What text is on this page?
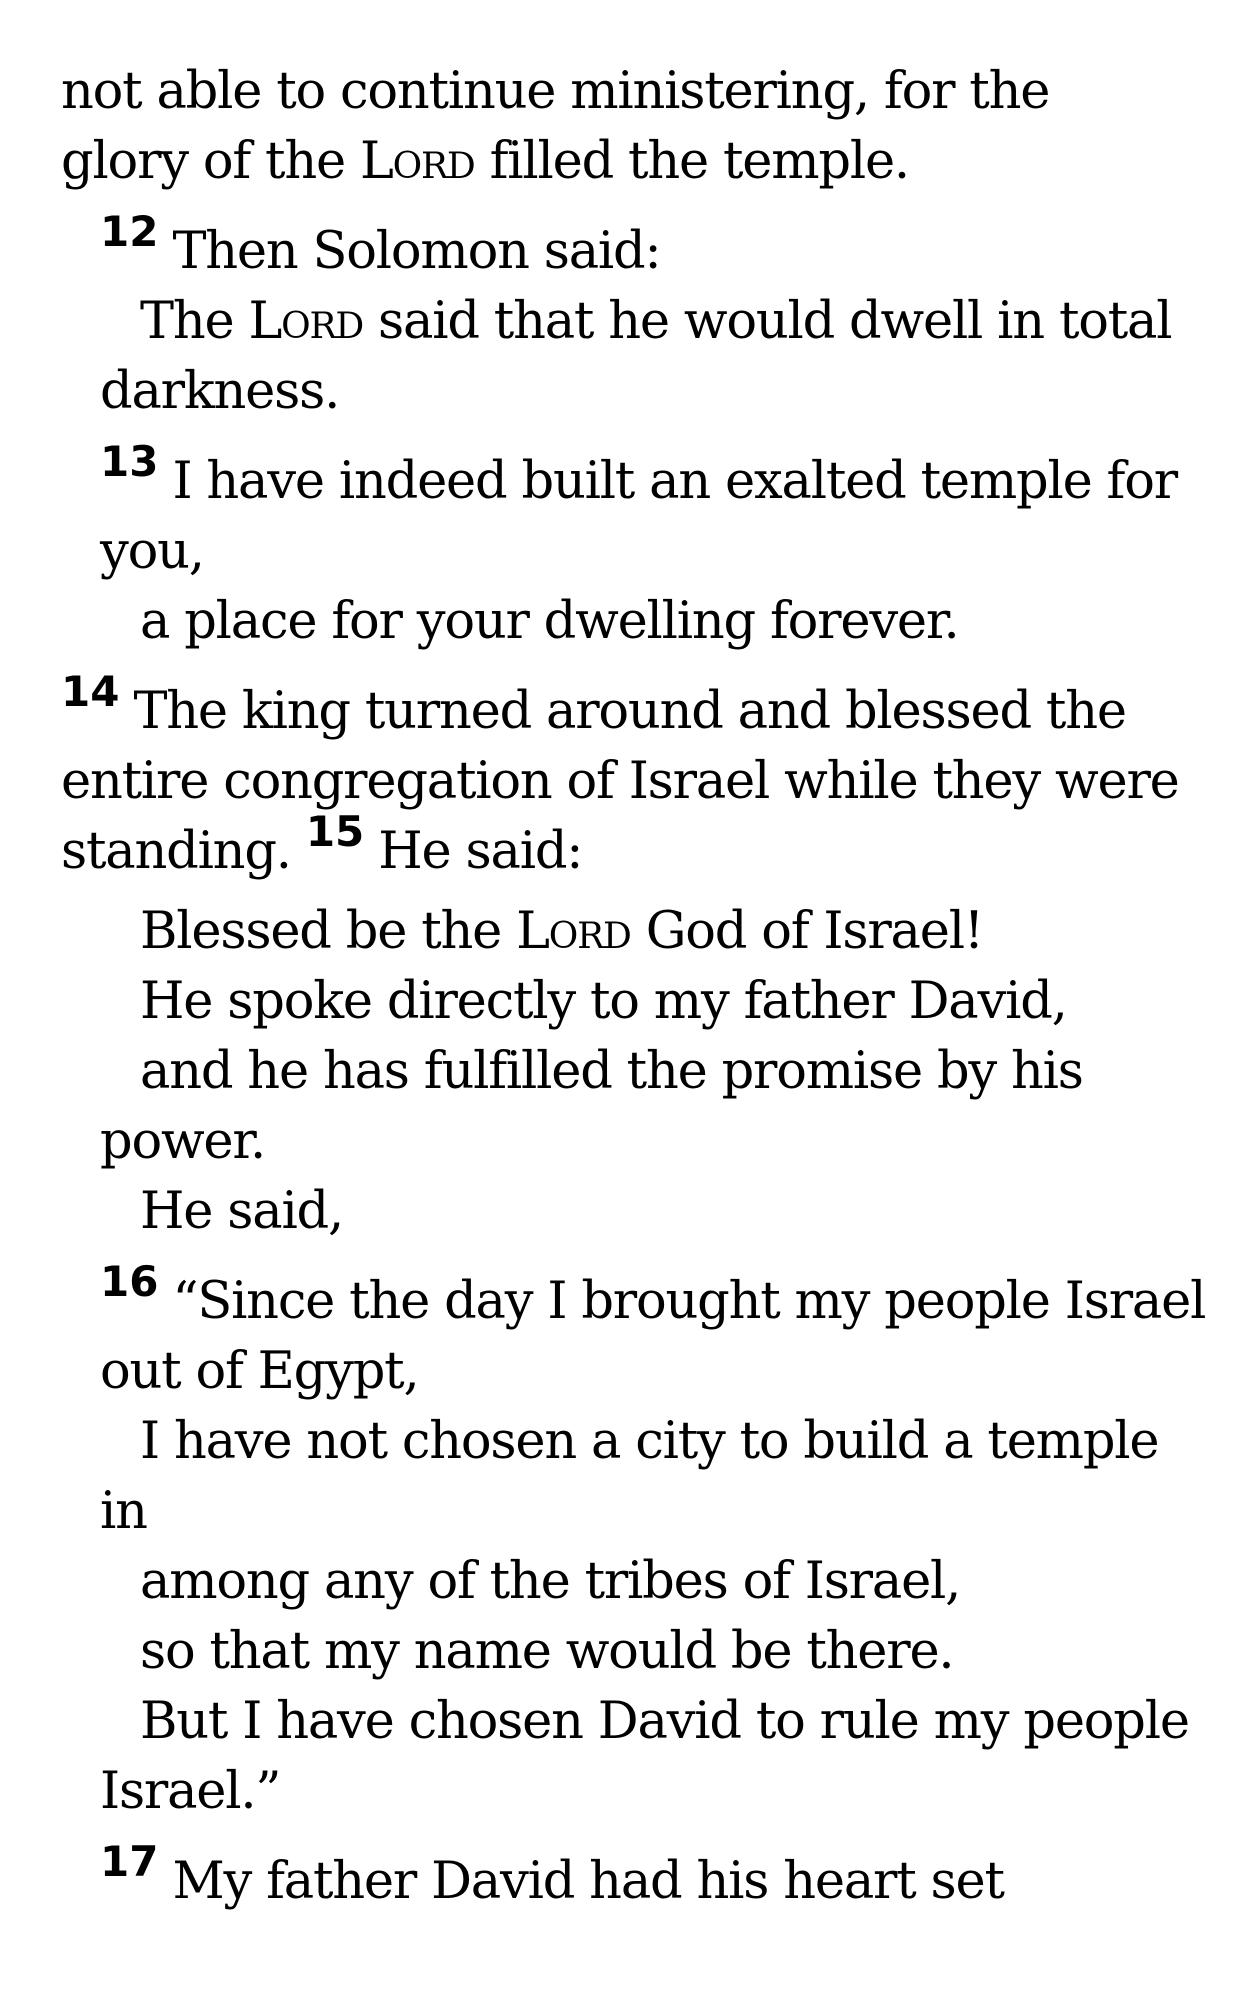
not able to continue ministering, for the
glory of the Lord filled the temple.
$^{12}$ Then Solomon said:
The Lord said that he would dwell in total
darkness.
$^{13}$ I have indeed built an exalted temple for
you,
a place for your dwelling forever.
$^{14}$ The king turned around and blessed the
entire congregation of Israel while they were
standing. $^{15}$ He said:
Blessed be the Lord God of Israel!
He spoke directly to my father David,
and he has fulfilled the promise by his
power.
He said,
$^{16}$ “Since the day I brought my people Israel
out of Egypt,
I have not chosen a city to build a temple
in
among any of the tribes of Israel,
so that my name would be there.
But I have chosen David to rule my people
Israel.”
$^{17}$ My father David had his heart set
